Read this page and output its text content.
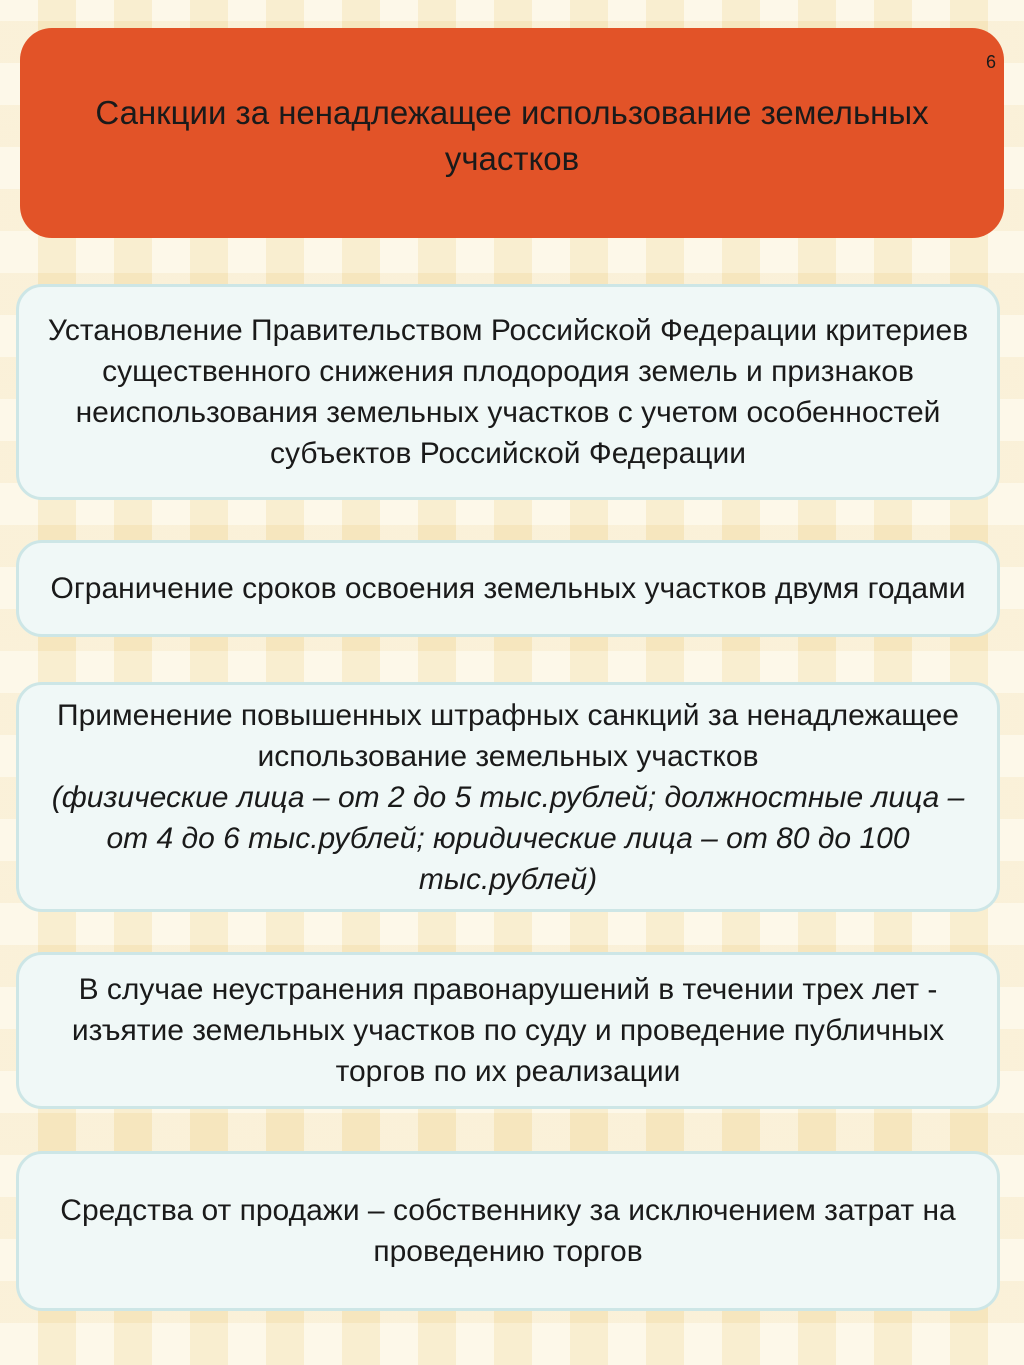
6
Санкции за ненадлежащее использование земельных участков
Установление Правительством Российской Федерации критериев существенного снижения плодородия земель и признаков неиспользования земельных участков с учетом особенностей субъектов Российской Федерации
Ограничение сроков освоения земельных участков двумя годами
Применение повышенных штрафных санкций за ненадлежащее использование земельных участков
(физические лица – от 2 до 5 тыс.рублей; должностные лица – от 4 до 6 тыс.рублей; юридические лица – от 80 до 100 тыс.рублей)
В случае неустранения правонарушений в течении трех лет - изъятие земельных участков по суду и проведение публичных торгов по их реализации
Средства от продажи – собственнику за исключением затрат на проведению торгов
